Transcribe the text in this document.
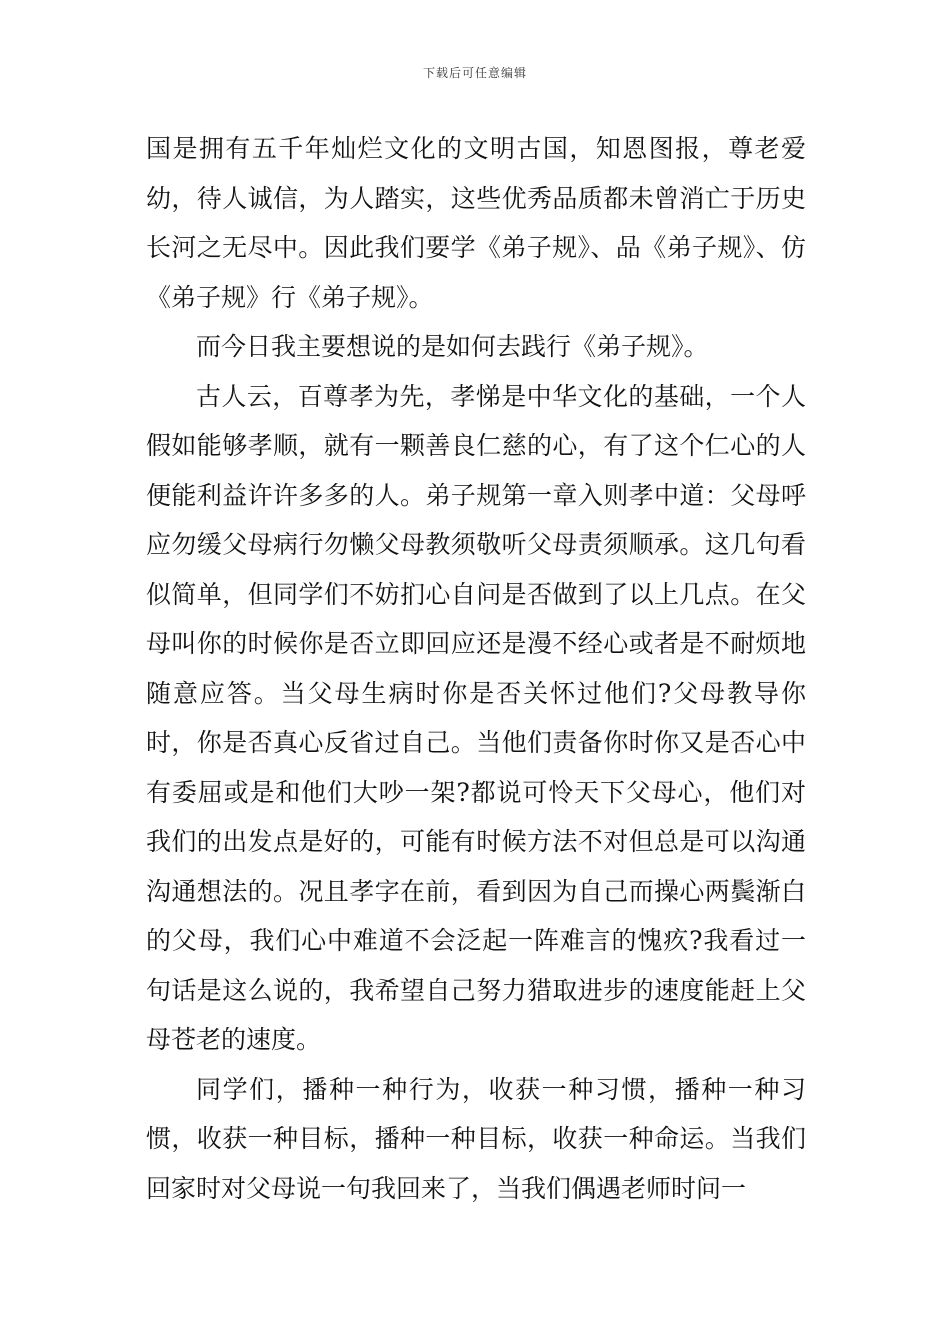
下载后可任意编辑

国是拥有五千年灿烂文化的文明古国，知恩图报，尊老爱幼，待人诚信，为人踏实，这些优秀品质都未曾消亡于历史长河之无尽中。因此我们要学《弟子规》、品《弟子规》、仿《弟子规》行《弟子规》。

而今日我主要想说的是如何去践行《弟子规》。

古人云，百尊孝为先，孝悌是中华文化的基础，一个人假如能够孝顺，就有一颗善良仁慈的心，有了这个仁心的人便能利益许许多多的人。弟子规第一章入则孝中道：父母呼应勿缓父母病行勿懒父母教须敬听父母责须顺承。这几句看似简单，但同学们不妨扪心自问是否做到了以上几点。在父母叫你的时候你是否立即回应还是漫不经心或者是不耐烦地随意应答。当父母生病时你是否关怀过他们?父母教导你时，你是否真心反省过自己。当他们责备你时你又是否心中有委屈或是和他们大吵一架?都说可怜天下父母心，他们对我们的出发点是好的，可能有时候方法不对但总是可以沟通沟通想法的。况且孝字在前，看到因为自己而操心两鬓渐白的父母，我们心中难道不会泛起一阵难言的愧疚?我看过一句话是这么说的，我希望自己努力猎取进步的速度能赶上父母苍老的速度。

同学们，播种一种行为，收获一种习惯，播种一种习惯，收获一种目标，播种一种目标，收获一种命运。当我们回家时对父母说一句我回来了，当我们偶遇老师时问一
